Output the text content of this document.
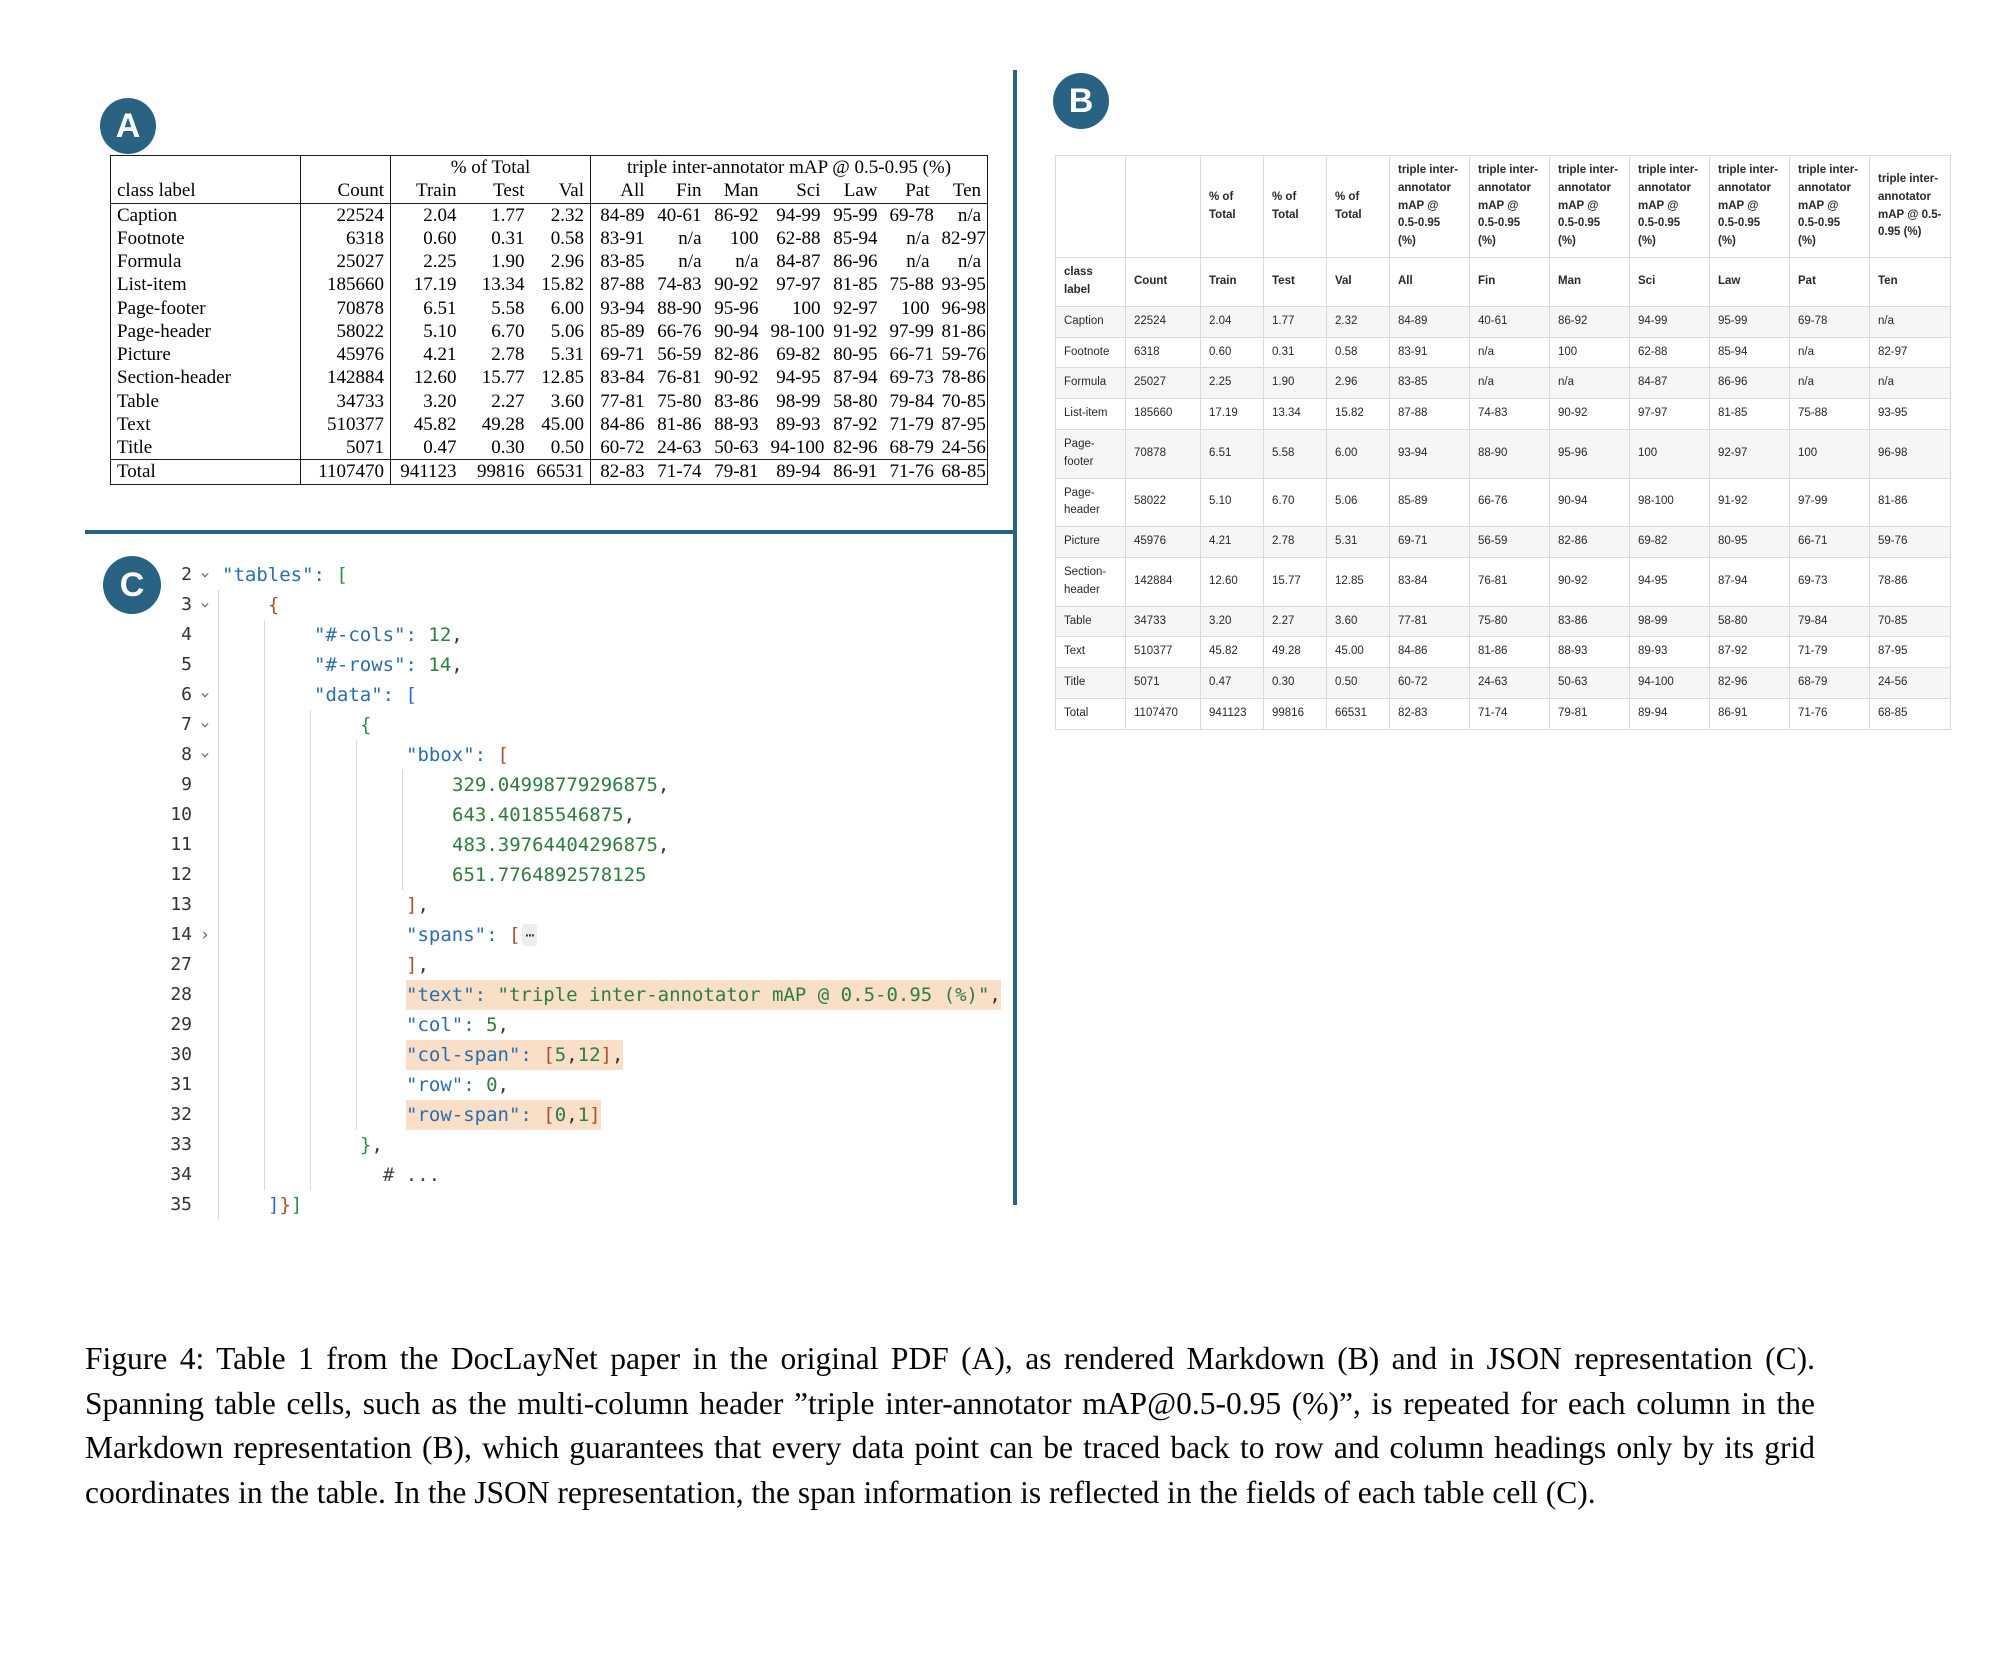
A
		% of Total			triple inter-annotator mAP @ 0.5-0.95 (%)						
class label	Count	Train	Test	Val	All	Fin	Man	Sci	Law	Pat	Ten
Caption	22524	2.04	1.77	2.32	84-89	40-61	86-92	94-99	95-99	69-78	n/a
Footnote	6318	0.60	0.31	0.58	83-91	n/a	100	62-88	85-94	n/a	82-97
Formula	25027	2.25	1.90	2.96	83-85	n/a	n/a	84-87	86-96	n/a	n/a
List-item	185660	17.19	13.34	15.82	87-88	74-83	90-92	97-97	81-85	75-88	93-95
Page-footer	70878	6.51	5.58	6.00	93-94	88-90	95-96	100	92-97	100	96-98
Page-header	58022	5.10	6.70	5.06	85-89	66-76	90-94	98-100	91-92	97-99	81-86
Picture	45976	4.21	2.78	5.31	69-71	56-59	82-86	69-82	80-95	66-71	59-76
Section-header	142884	12.60	15.77	12.85	83-84	76-81	90-92	94-95	87-94	69-73	78-86
Table	34733	3.20	2.27	3.60	77-81	75-80	83-86	98-99	58-80	79-84	70-85
Text	510377	45.82	49.28	45.00	84-86	81-86	88-93	89-93	87-92	71-79	87-95
Title	5071	0.47	0.30	0.50	60-72	24-63	50-63	94-100	82-96	68-79	24-56
Total	1107470	941123	99816	66531	82-83	71-74	79-81	89-94	86-91	71-76	68-85
B
		% of Total	% of Total	% of Total	triple inter-annotator mAP @ 0.5-0.95 (%)	triple inter-annotator mAP @ 0.5-0.95 (%)	triple inter-annotator mAP @ 0.5-0.95 (%)	triple inter-annotator mAP @ 0.5-0.95 (%)	triple inter-annotator mAP @ 0.5-0.95 (%)	triple inter-annotator mAP @ 0.5-0.95 (%)	triple inter-annotator mAP @ 0.5-0.95 (%)
class label	Count	Train	Test	Val	All	Fin	Man	Sci	Law	Pat	Ten
Caption	22524	2.04	1.77	2.32	84-89	40-61	86-92	94-99	95-99	69-78	n/a
Footnote	6318	0.60	0.31	0.58	83-91	n/a	100	62-88	85-94	n/a	82-97
Formula	25027	2.25	1.90	2.96	83-85	n/a	n/a	84-87	86-96	n/a	n/a
List-item	185660	17.19	13.34	15.82	87-88	74-83	90-92	97-97	81-85	75-88	93-95
Page-footer	70878	6.51	5.58	6.00	93-94	88-90	95-96	100	92-97	100	96-98
Page-header	58022	5.10	6.70	5.06	85-89	66-76	90-94	98-100	91-92	97-99	81-86
Picture	45976	4.21	2.78	5.31	69-71	56-59	82-86	69-82	80-95	66-71	59-76
Section-header	142884	12.60	15.77	12.85	83-84	76-81	90-92	94-95	87-94	69-73	78-86
Table	34733	3.20	2.27	3.60	77-81	75-80	83-86	98-99	58-80	79-84	70-85
Text	510377	45.82	49.28	45.00	84-86	81-86	88-93	89-93	87-92	71-79	87-95
Title	5071	0.47	0.30	0.50	60-72	24-63	50-63	94-100	82-96	68-79	24-56
Total	1107470	941123	99816	66531	82-83	71-74	79-81	89-94	86-91	71-76	68-85
C	2 › "tables": [
3 ›	{
4	"#-cols": 12 ,
5	"#-rows": 14 ,
6 ›	"data": [
7 ›	{
8 ›	"bbox": [
9	329.04998779296875 ,
10	643.40185546875 ,
11	483.39764404296875 ,
12	651.7764892578125
13	] ,
14 ›	"spans": [ ⋯
27	] ,
28	"text": "triple inter-annotator mAP @ 0.5-0.95 (%)" ,
29	"col": 5 ,
30	"col-span": [ 5 , 12 ] ,
31	"row": 0 ,
32	"row-span": [ 0 , 1 ]
33	} ,
34	# ...
35	] } ]

Figure 4: Table 1 from the DocLayNet paper in the original PDF (A), as rendered Markdown (B) and in JSON representation (C). Spanning table cells, such as the multi-column header ”triple inter-annotator mAP@0.5-0.95 (%)”, is repeated for each column in the Markdown representation (B), which guarantees that every data point can be traced back to row and column headings only by its grid coordinates in the table. In the JSON representation, the span information is reflected in the fields of each table cell (C).
